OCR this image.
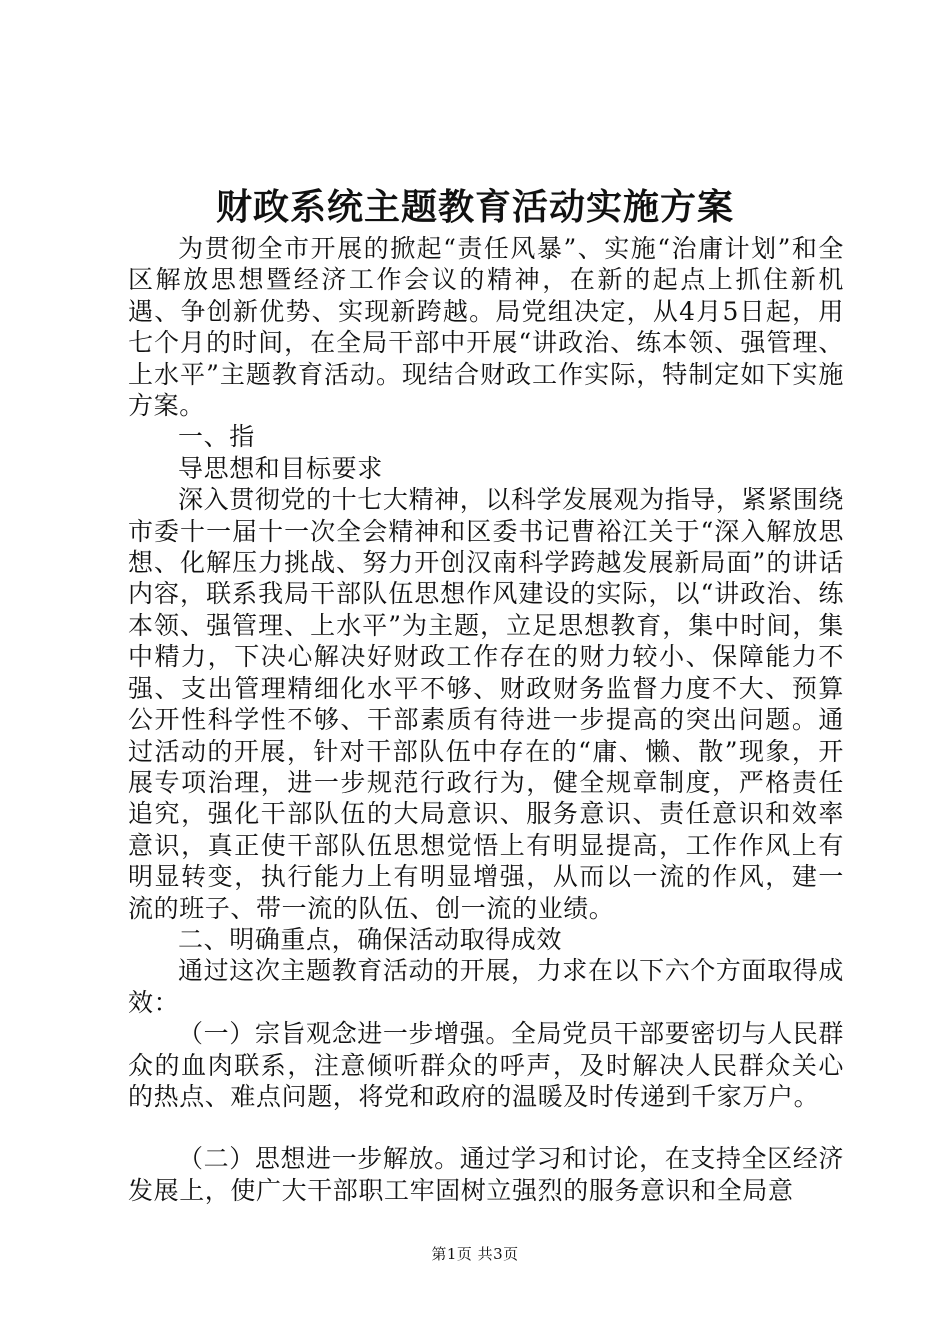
财政系统主题教育活动实施方案

为贯彻全市开展的掀起“责任风暴”、实施“治庸计划”和全区解放思想暨经济工作会议的精神，在新的起点上抓住新机遇、争创新优势、实现新跨越。局党组决定，从4月5日起，用七个月的时间，在全局干部中开展“讲政治、练本领、强管理、上水平”主题教育活动。现结合财政工作实际，特制定如下实施方案。

一、指

导思想和目标要求

深入贯彻党的十七大精神，以科学发展观为指导，紧紧围绕市委十一届十一次全会精神和区委书记曹裕江关于“深入解放思想、化解压力挑战、努力开创汉南科学跨越发展新局面”的讲话内容，联系我局干部队伍思想作风建设的实际，以“讲政治、练本领、强管理、上水平”为主题，立足思想教育，集中时间，集中精力，下决心解决好财政工作存在的财力较小、保障能力不强、支出管理精细化水平不够、财政财务监督力度不大、预算公开性科学性不够、干部素质有待进一步提高的突出问题。通过活动的开展，针对干部队伍中存在的“庸、懒、散”现象，开展专项治理，进一步规范行政行为，健全规章制度，严格责任追究，强化干部队伍的大局意识、服务意识、责任意识和效率意识，真正使干部队伍思想觉悟上有明显提高，工作作风上有明显转变，执行能力上有明显增强，从而以一流的作风，建一流的班子、带一流的队伍、创一流的业绩。

二、明确重点，确保活动取得成效

通过这次主题教育活动的开展，力求在以下六个方面取得成效：

（一）宗旨观念进一步增强。全局党员干部要密切与人民群众的血肉联系，注意倾听群众的呼声，及时解决人民群众关心的热点、难点问题，将党和政府的温暖及时传递到千家万户。

（二）思想进一步解放。通过学习和讨论，在支持全区经济发展上，使广大干部职工牢固树立强烈的服务意识和全局意

第1页 共3页
